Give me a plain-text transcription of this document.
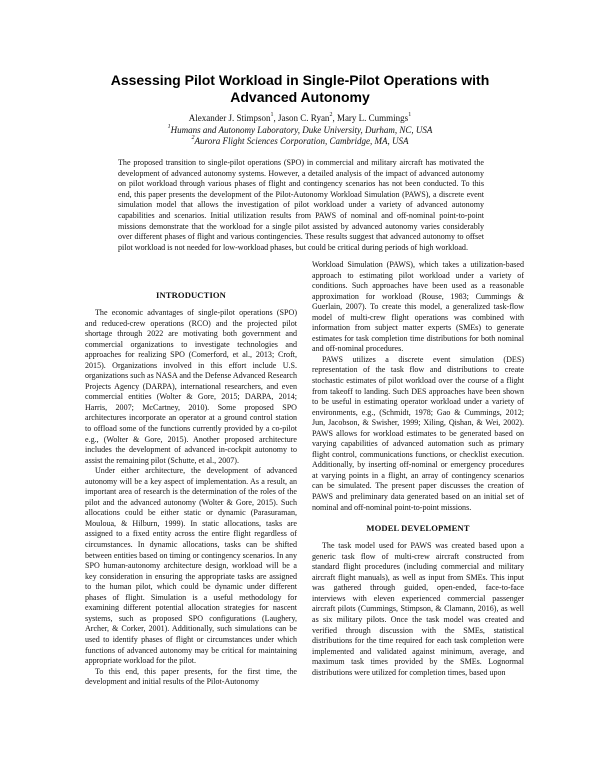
Assessing Pilot Workload in Single-Pilot Operations with
Advanced Autonomy
Alexander J. Stimpson$^1$, Jason C. Ryan$^2$, Mary L. Cummings$^1$
$^1$Humans and Autonomy Laboratory, Duke University, Durham, NC, USA
$^2$Aurora Flight Sciences Corporation, Cambridge, MA, USA

The proposed transition to single-pilot operations (SPO) in commercial and military aircraft has motivated the development of advanced autonomy systems. However, a detailed analysis of the impact of advanced autonomy on pilot workload through various phases of flight and contingency scenarios has not been conducted. To this end, this paper presents the development of the Pilot-Autonomy Workload Simulation (PAWS), a discrete event simulation model that allows the investigation of pilot workload under a variety of advanced autonomy capabilities and scenarios. Initial utilization results from PAWS of nominal and off-nominal point-to-point missions demonstrate that the workload for a single pilot assisted by advanced autonomy varies considerably over different phases of flight and various contingencies. These results suggest that advanced autonomy to offset pilot workload is not needed for low-workload phases, but could be critical during periods of high workload.

INTRODUCTION

The economic advantages of single-pilot operations (SPO) and reduced-crew operations (RCO) and the projected pilot shortage through 2022 are motivating both government and commercial organizations to investigate technologies and approaches for realizing SPO (Comerford, et al., 2013; Croft, 2015). Organizations involved in this effort include U.S. organizations such as NASA and the Defense Advanced Research Projects Agency (DARPA), international researchers, and even commercial entities (Wolter & Gore, 2015; DARPA, 2014; Harris, 2007; McCartney, 2010). Some proposed SPO architectures incorporate an operator at a ground control station to offload some of the functions currently provided by a co-pilot e.g., (Wolter & Gore, 2015). Another proposed architecture includes the development of advanced in-cockpit autonomy to assist the remaining pilot (Schutte, et al., 2007).

Under either architecture, the development of advanced autonomy will be a key aspect of implementation. As a result, an important area of research is the determination of the roles of the pilot and the advanced autonomy (Wolter & Gore, 2015). Such allocations could be either static or dynamic (Parasuraman, Mouloua, & Hilburn, 1999). In static allocations, tasks are assigned to a fixed entity across the entire flight regardless of circumstances. In dynamic allocations, tasks can be shifted between entities based on timing or contingency scenarios. In any SPO human-autonomy architecture design, workload will be a key consideration in ensuring the appropriate tasks are assigned to the human pilot, which could be dynamic under different phases of flight. Simulation is a useful methodology for examining different potential allocation strategies for nascent systems, such as proposed SPO configurations (Laughery, Archer, & Corker, 2001). Additionally, such simulations can be used to identify phases of flight or circumstances under which functions of advanced autonomy may be critical for maintaining appropriate workload for the pilot.

To this end, this paper presents, for the first time, the development and initial results of the Pilot-Autonomy

Workload Simulation (PAWS), which takes a utilization-based approach to estimating pilot workload under a variety of conditions. Such approaches have been used as a reasonable approximation for workload (Rouse, 1983; Cummings & Guerlain, 2007). To create this model, a generalized task-flow model of multi-crew flight operations was combined with information from subject matter experts (SMEs) to generate estimates for task completion time distributions for both nominal and off-nominal procedures.

PAWS utilizes a discrete event simulation (DES) representation of the task flow and distributions to create stochastic estimates of pilot workload over the course of a flight from takeoff to landing. Such DES approaches have been shown to be useful in estimating operator workload under a variety of environments, e.g., (Schmidt, 1978; Gao & Cummings, 2012; Jun, Jacobson, & Swisher, 1999; Xiling, Qishan, & Wei, 2002). PAWS allows for workload estimates to be generated based on varying capabilities of advanced automation such as primary flight control, communications functions, or checklist execution. Additionally, by inserting off-nominal or emergency procedures at varying points in a flight, an array of contingency scenarios can be simulated. The present paper discusses the creation of PAWS and preliminary data generated based on an initial set of nominal and off-nominal point-to-point missions.

MODEL DEVELOPMENT

The task model used for PAWS was created based upon a generic task flow of multi-crew aircraft constructed from standard flight procedures (including commercial and military aircraft flight manuals), as well as input from SMEs. This input was gathered through guided, open-ended, face-to-face interviews with eleven experienced commercial passenger aircraft pilots (Cummings, Stimpson, & Clamann, 2016), as well as six military pilots. Once the task model was created and verified through discussion with the SMEs, statistical distributions for the time required for each task completion were implemented and validated against minimum, average, and maximum task times provided by the SMEs. Lognormal distributions were utilized for completion times, based upon
